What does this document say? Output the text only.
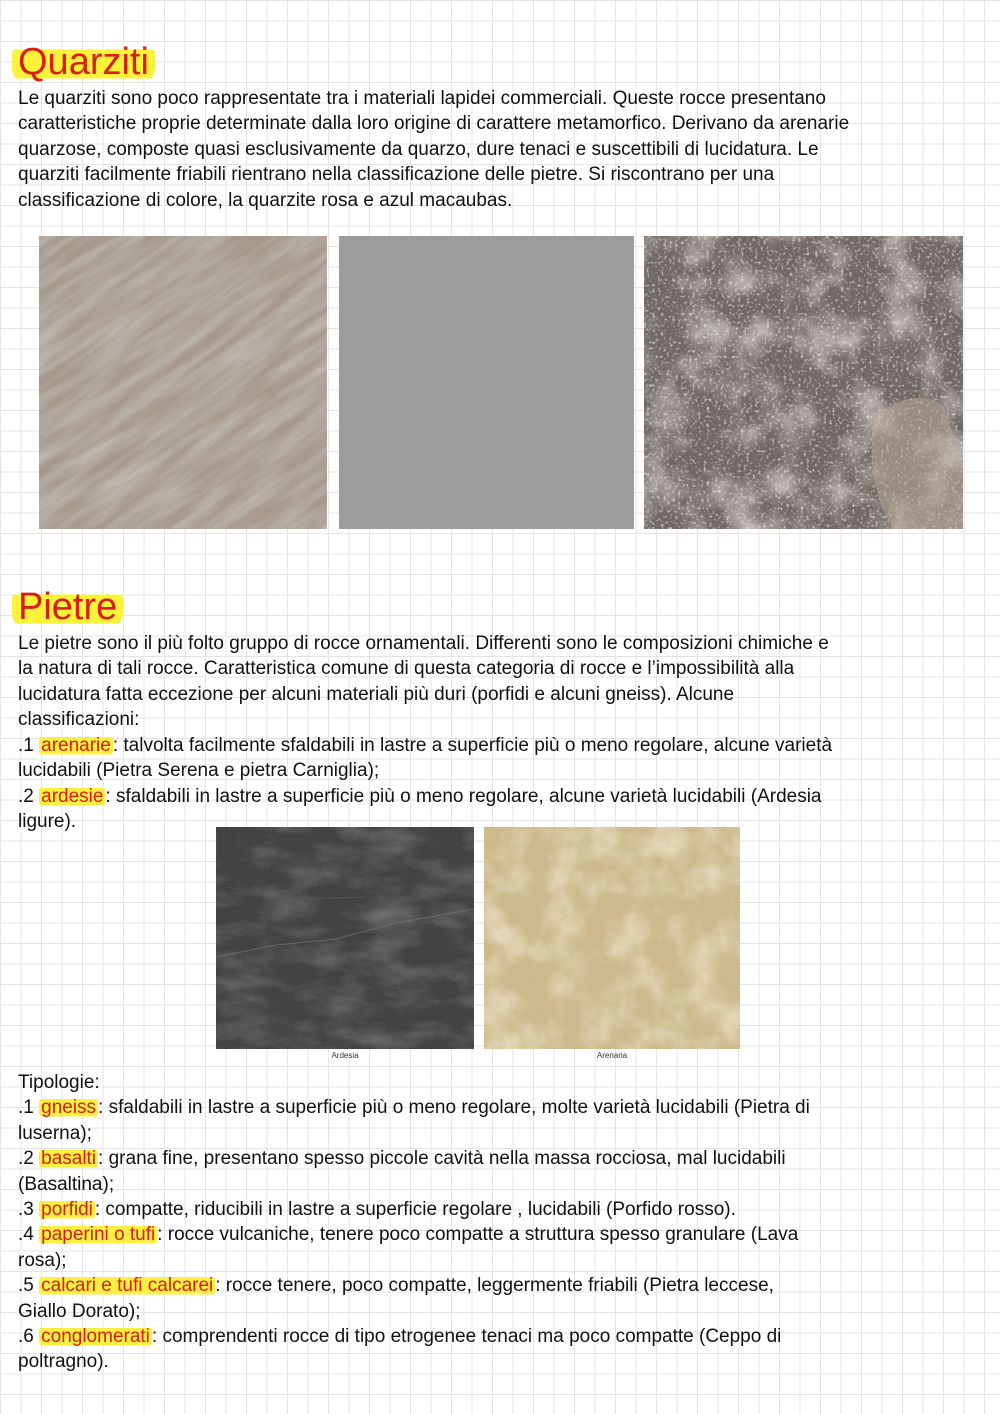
Quarziti

Le quarziti sono poco rappresentate tra i materiali lapidei commerciali. Queste rocce presentano
caratteristiche proprie determinate dalla loro origine di carattere metamorfico. Derivano da arenarie
quarzose, composte quasi esclusivamente da quarzo, dure tenaci e suscettibili di lucidatura. Le
quarziti facilmente friabili rientrano nella classificazione delle pietre. Si riscontrano per una
classificazione di colore, la quarzite rosa e azul macaubas.

Pietre

Le pietre sono il più folto gruppo di rocce ornamentali. Differenti sono le composizioni chimiche e
la natura di tali rocce. Caratteristica comune di questa categoria di rocce e l’impossibilità alla
lucidatura fatta eccezione per alcuni materiali più duri (porfidi e alcuni gneiss). Alcune
classificazioni:

.1 arenarie : talvolta facilmente sfaldabili in lastre a superficie più o meno regolare, alcune varietà

lucidabili (Pietra Serena e pietra Carniglia);

.2 ardesie : sfaldabili in lastre a superficie più o meno regolare, alcune varietà lucidabili (Ardesia

ligure).

Ardesia	Arenaria

Tipologie:

.1 gneiss : sfaldabili in lastre a superficie più o meno regolare, molte varietà lucidabili (Pietra di

luserna);

.2 basalti : grana fine, presentano spesso piccole cavità nella massa rocciosa, mal lucidabili

(Basaltina);

.3 porfidi : compatte, riducibili in lastre a superficie regolare , lucidabili (Porfido rosso).

.4 paperini o tufi : rocce vulcaniche, tenere poco compatte a struttura spesso granulare (Lava

rosa);

.5 calcari e tufi calcarei : rocce tenere, poco compatte, leggermente friabili (Pietra leccese,

Giallo Dorato);

.6 conglomerati : comprendenti rocce di tipo etrogenee tenaci ma poco compatte (Ceppo di

poltragno).
